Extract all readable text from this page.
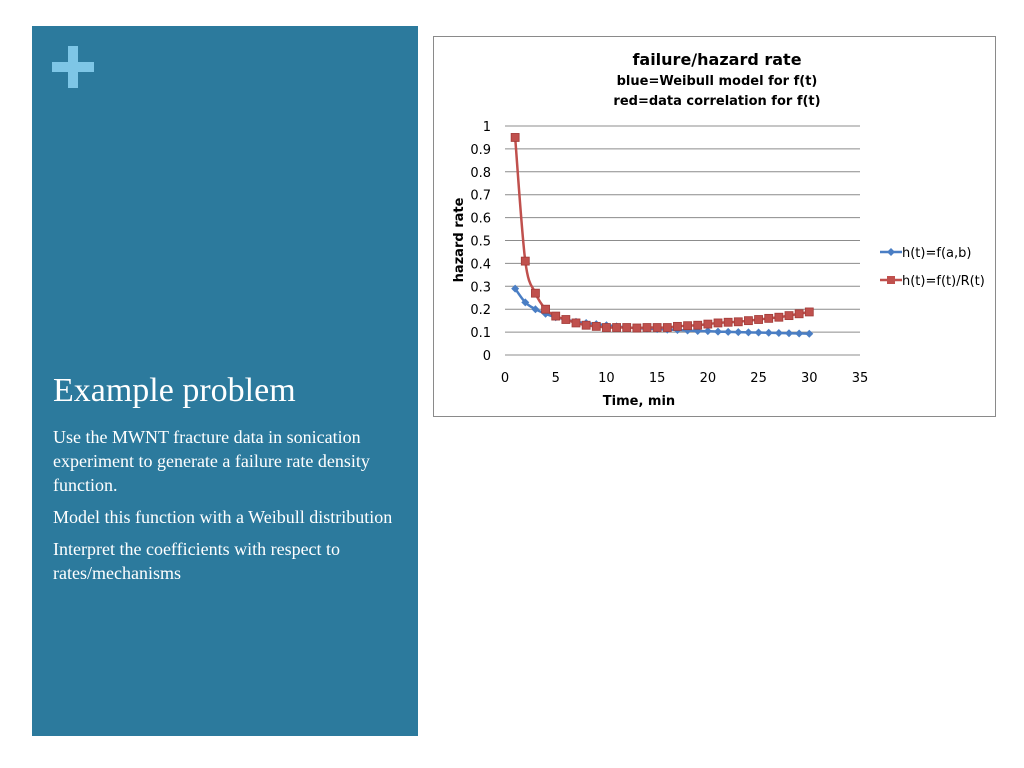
Example problem
Use the MWNT fracture data in sonication experiment to generate a failure rate density function.
Model this function with a Weibull distribution
Interpret the coefficients with respect to rates/mechanisms
failure/hazard rate
blue=Weibull model for f(t)
red=data correlation for f(t)
0
0.1
0.2
0.3
0.4
0.5
0.6
0.7
0.8
0.9
1
0	5	10	15	20	25	30	35
Time, min
hazard rate	h(t)=f(a,b)
h(t)=f(t)/R(t)
